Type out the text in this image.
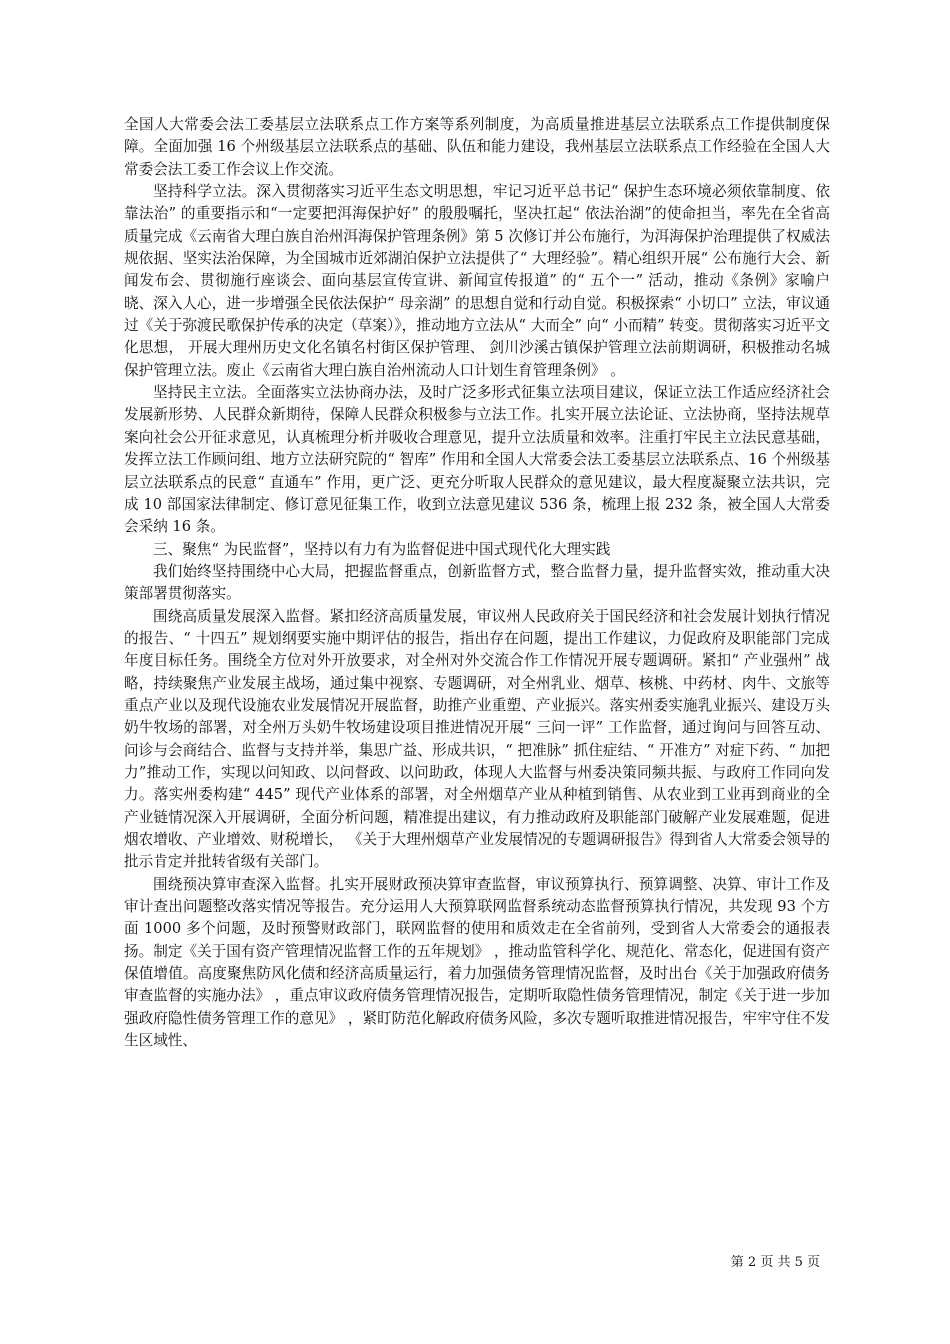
全国人大常委会法工委基层立法联系点工作方案等系列制度，为高质量推进基层立法联系点工作提供制度保障。全面加强 16 个州级基层立法联系点的基础、队伍和能力建设，我州基层立法联系点工作经验在全国人大常委会法工委工作会议上作交流。

坚持科学立法。深入贯彻落实习近平生态文明思想，牢记习近平总书记“ 保护生态环境必须依靠制度、依靠法治” 的重要指示和“一定要把洱海保护好” 的殷殷嘱托，坚决扛起“ 依法治湖”的使命担当，率先在全省高质量完成《云南省大理白族自治州洱海保护管理条例》第 5 次修订并公布施行，为洱海保护治理提供了权威法规依据、坚实法治保障，为全国城市近郊湖泊保护立法提供了“ 大理经验”。精心组织开展“ 公布施行大会、新闻发布会、贯彻施行座谈会、面向基层宣传宣讲、新闻宣传报道” 的“ 五个一” 活动，推动《条例》家喻户晓、深入人心，进一步增强全民依法保护“ 母亲湖” 的思想自觉和行动自觉。积极探索“ 小切口” 立法，审议通过《关于弥渡民歌保护传承的决定（草案）》，推动地方立法从“ 大而全” 向“ 小而精” 转变。贯彻落实习近平文化思想， 开展大理州历史文化名镇名村街区保护管理、 剑川沙溪古镇保护管理立法前期调研，积极推动名城保护管理立法。废止《云南省大理白族自治州流动人口计划生育管理条例》 。

坚持民主立法。全面落实立法协商办法，及时广泛多形式征集立法项目建议，保证立法工作适应经济社会发展新形势、人民群众新期待，保障人民群众积极参与立法工作。扎实开展立法论证、立法协商，坚持法规草案向社会公开征求意见，认真梳理分析并吸收合理意见，提升立法质量和效率。注重打牢民主立法民意基础，发挥立法工作顾问组、地方立法研究院的“ 智库” 作用和全国人大常委会法工委基层立法联系点、16 个州级基层立法联系点的民意“ 直通车” 作用，更广泛、更充分听取人民群众的意见建议，最大程度凝聚立法共识，完成 10 部国家法律制定、修订意见征集工作，收到立法意见建议 536 条，梳理上报 232 条，被全国人大常委会采纳 16 条。

三、聚焦“ 为民监督”，坚持以有力有为监督促进中国式现代化大理实践

我们始终坚持围绕中心大局，把握监督重点，创新监督方式，整合监督力量，提升监督实效，推动重大决策部署贯彻落实。

围绕高质量发展深入监督。紧扣经济高质量发展，审议州人民政府关于国民经济和社会发展计划执行情况的报告、“ 十四五” 规划纲要实施中期评估的报告，指出存在问题，提出工作建议，力促政府及职能部门完成年度目标任务。围绕全方位对外开放要求，对全州对外交流合作工作情况开展专题调研。紧扣“ 产业强州” 战略，持续聚焦产业发展主战场，通过集中视察、专题调研，对全州乳业、烟草、核桃、中药材、肉牛、文旅等重点产业以及现代设施农业发展情况开展监督，助推产业重塑、产业振兴。落实州委实施乳业振兴、建设万头奶牛牧场的部署，对全州万头奶牛牧场建设项目推进情况开展“ 三问一评” 工作监督，通过询问与回答互动、问诊与会商结合、监督与支持并举，集思广益、形成共识，“ 把准脉” 抓住症结、“ 开准方” 对症下药、“ 加把力”推动工作，实现以问知政、以问督政、以问助政，体现人大监督与州委决策同频共振、与政府工作同向发力。落实州委构建“ 445” 现代产业体系的部署，对全州烟草产业从种植到销售、从农业到工业再到商业的全产业链情况深入开展调研，全面分析问题，精准提出建议，有力推动政府及职能部门破解产业发展难题，促进烟农增收、产业增效、财税增长， 《关于大理州烟草产业发展情况的专题调研报告》得到省人大常委会领导的批示肯定并批转省级有关部门。

围绕预决算审查深入监督。扎实开展财政预决算审查监督，审议预算执行、预算调整、决算、审计工作及审计查出问题整改落实情况等报告。充分运用人大预算联网监督系统动态监督预算执行情况，共发现 93 个方面 1000 多个问题，及时预警财政部门，联网监督的使用和质效走在全省前列，受到省人大常委会的通报表扬。制定《关于国有资产管理情况监督工作的五年规划》 ，推动监管科学化、规范化、常态化，促进国有资产保值增值。高度聚焦防风化债和经济高质量运行，着力加强债务管理情况监督，及时出台《关于加强政府债务审查监督的实施办法》 ，重点审议政府债务管理情况报告，定期听取隐性债务管理情况，制定《关于进一步加强政府隐性债务管理工作的意见》 ，紧盯防范化解政府债务风险，多次专题听取推进情况报告，牢牢守住不发生区域性、

第 2 页 共 5 页
